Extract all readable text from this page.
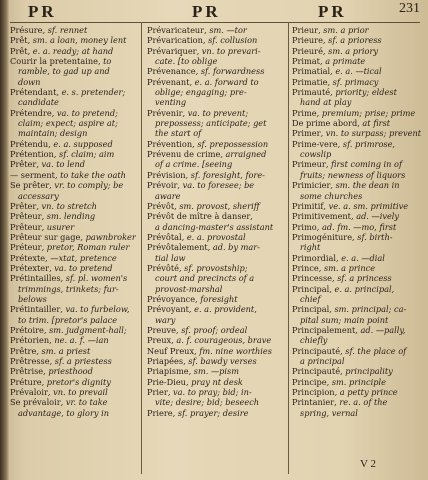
PR	PR	PR	231
Présure, sf. rennet
Prêt, sm. a loan, money lent
Prêt, e. a. ready; at hand
Courir la pretentaine, to
ramble, to gad up and
down
Prétendant, e. s. pretender;
candidate
Prétendre, va. to pretend;
claim; expect; aspire at;
maintain; design
Prétendu, e. a. supposed
Prétention, sf. claim; aim
Prêter, va. to lend
— serment, to take the oath
Se prêter, vr. to comply; be
accessary
Prêter, vn. to stretch
Prêteur, sm. lending
Prêteur, usurer
Prêteur sur gage, pawnbroker
Préteur, pretor, Roman ruler
Prétexte, —xtat, pretence
Prétexter, va. to pretend
Prétintailles, sf. pl. women's
trimmings, trinkets; fur-
belows
Prétintailler, va. to furbelow,
to trim. [pretor's palace
Prétoire, sm. judgment-hall;
Prétorien, ne. a. f. —ian
Prêtre, sm. a priest
Prêtresse, sf. a priestess
Prêtrise, priesthood
Préture, pretor's dignity
Prévaloir, vn. to prevail
Se prévaloir, vr. to take
advantage, to glory in
Prévaricateur, sm. —tor
Prévarication, sf. collusion
Prévariquer, vn. to prevari-
cate. [to oblige
Prévenance, sf. forwardness
Prévenant, e. a. forward to
oblige; engaging; pre-
venting
Prévenir, va. to prevent;
prepossess; anticipate; get
the start of
Prévention, sf. prepossession
Prévenu de crime, arraigned
of a crime. [seeing
Prévision, sf. foresight, fore-
Prévoir, va. to foresee; be
aware
Prévôt, sm. provost, sheriff
Prévôt de mître à danser,
a dancing-master's assistant
Prévôtal, e. a. provostal
Prévôtalement, ad. by mar-
tial law
Prévôté, sf. provostship;
court and precincts of a
provost-marshal
Prévoyance, foresight
Prévoyant, e. a. provident,
wary
Preuve, sf. proof; ordeal
Preux, a. f. courageous, brave
Neuf Preux, fm. nine worthies
Priapées, sf. bawdy verses
Priapisme, sm. —pism
Prie-Dieu, pray nt desk
Prier, va. to pray; bid; in-
vite; desire; bid; beseech
Priere, sf. prayer; desire
Prieur, sm. a prior
Prieure, sf. a prioress
Prieuré, sm. a priory
Primat, a primate
Primatial, e. a. —tical
Primatie, sf. primacy
Primauté, priority; eldest
hand at play
Prime, premium; prise; prime
De prime abord, at first
Primer, vn. to surpass; prevent
Prime-vere, sf. primrose,
cowslip
Primeur, first coming in of
fruits; newness of liquors
Primicier, sm. the dean in
some churches
Primitif, ve. a. sm. primitive
Primitivement, ad. —ively
Primo, ad. fm. —mo, first
Primogéniture, sf. birth-
right
Primordial, e. a. —dial
Prince, sm. a prince
Princesse, sf. a princess
Principal, e. a. principal,
chief
Principal, sm. principal; ca-
pital sum; main point
Principalement, ad. —pally,
chiefly
Principauté, sf. the place of
a principal
Principauté, principality
Principe, sm. principle
Principion, a petty prince
Printanier, re. a. of the
spring, vernal
V 2
